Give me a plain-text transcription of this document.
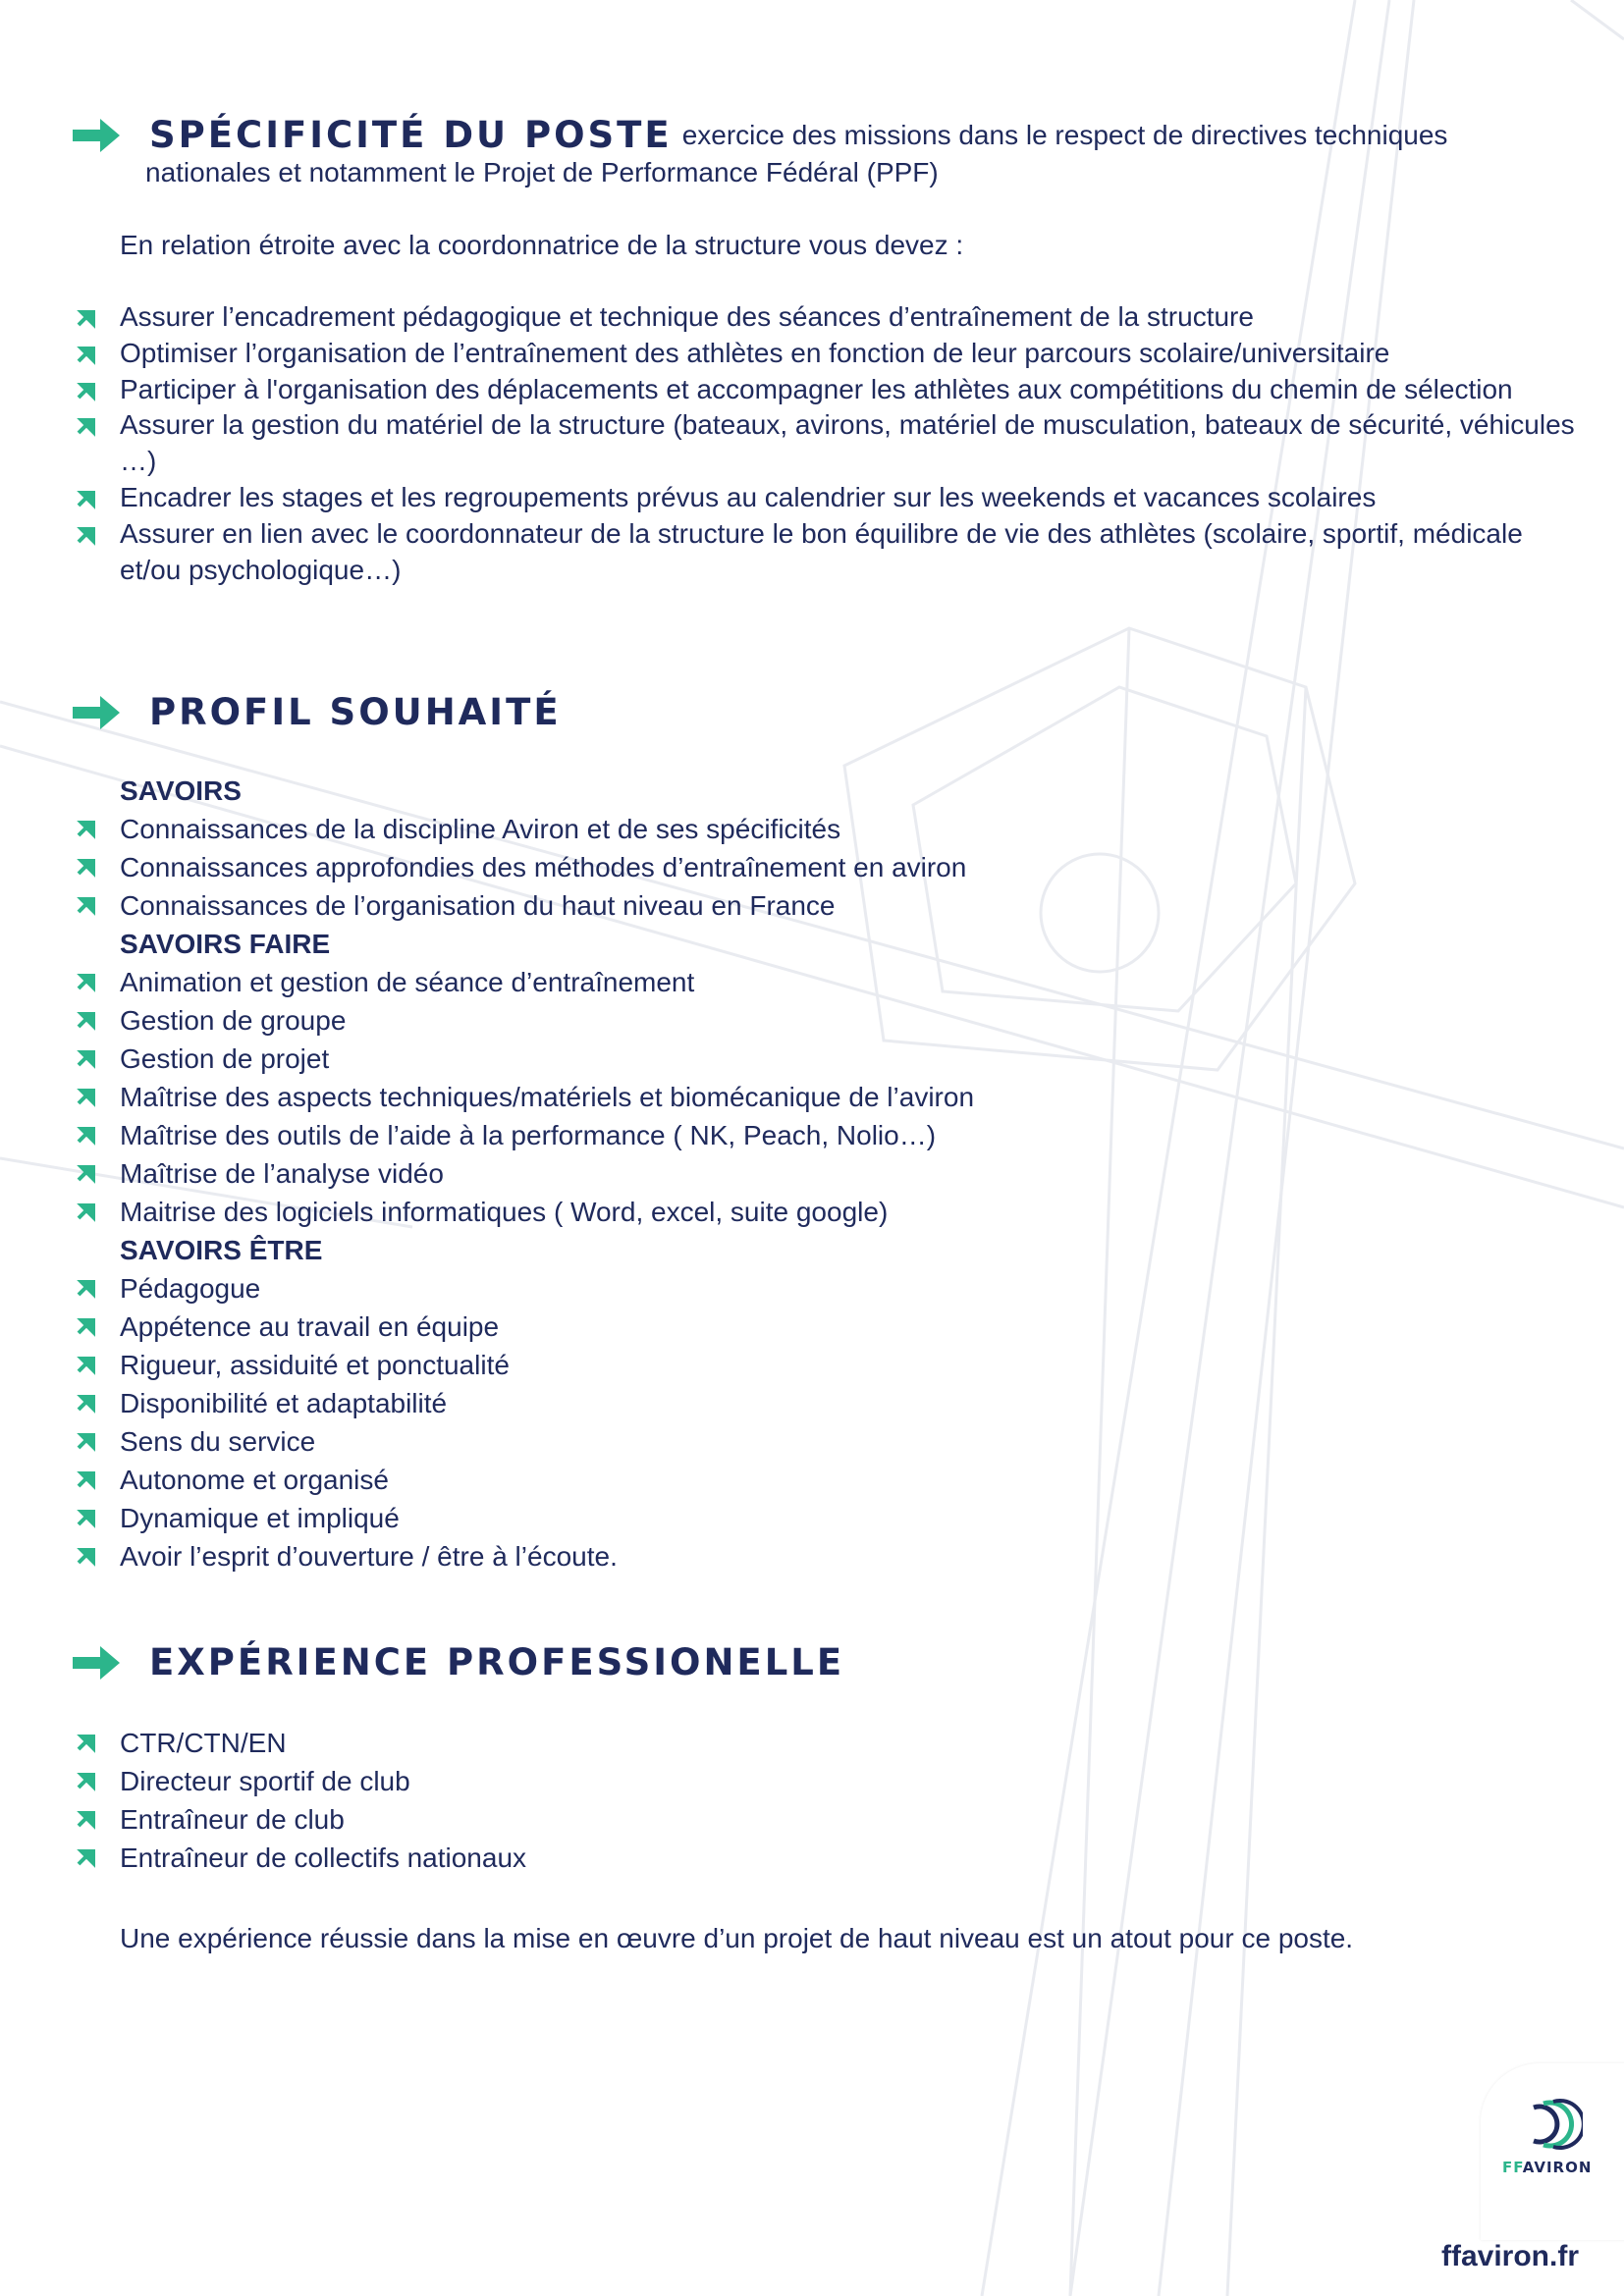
SPÉCIFICITÉ DU POSTE exercice des missions dans le respect de directives techniques
nationales et notamment le Projet de Performance Fédéral (PPF)
En relation étroite avec la coordonnatrice de la structure vous devez :
Assurer l’encadrement pédagogique et technique des séances d’entraînement de la structure
Optimiser l’organisation de l’entraînement des athlètes en fonction de leur parcours scolaire/universitaire
Participer à l'organisation des déplacements et accompagner les athlètes aux compétitions du chemin de sélection
Assurer la gestion du matériel de la structure (bateaux, avirons, matériel de musculation, bateaux de sécurité, véhicules …)
Encadrer les stages et les regroupements prévus au calendrier sur les weekends et vacances scolaires
Assurer en lien avec le coordonnateur de la structure le bon équilibre de vie des athlètes (scolaire, sportif, médicale et/ou psychologique…)
PROFIL SOUHAITÉ
SAVOIRS
Connaissances de la discipline Aviron et de ses spécificités
Connaissances approfondies des méthodes d’entraînement en aviron
Connaissances de l’organisation du haut niveau en France
SAVOIRS FAIRE
Animation et gestion de séance d’entraînement
Gestion de groupe
Gestion de projet
Maîtrise des aspects techniques/matériels et biomécanique de l’aviron
Maîtrise des outils de l’aide à la performance ( NK, Peach, Nolio…)
Maîtrise de l’analyse vidéo
Maitrise des logiciels informatiques ( Word, excel, suite google)
SAVOIRS ÊTRE
Pédagogue
Appétence au travail en équipe
Rigueur, assiduité et ponctualité
Disponibilité et adaptabilité
Sens du service
Autonome et organisé
Dynamique et impliqué
Avoir l’esprit d’ouverture / être à l’écoute.
EXPÉRIENCE PROFESSIONELLE
CTR/CTN/EN
Directeur sportif de club
Entraîneur de club
Entraîneur de collectifs nationaux
Une expérience réussie dans la mise en œuvre d’un projet de haut niveau est un atout pour ce poste.
FFAVIRON
ffaviron.fr
